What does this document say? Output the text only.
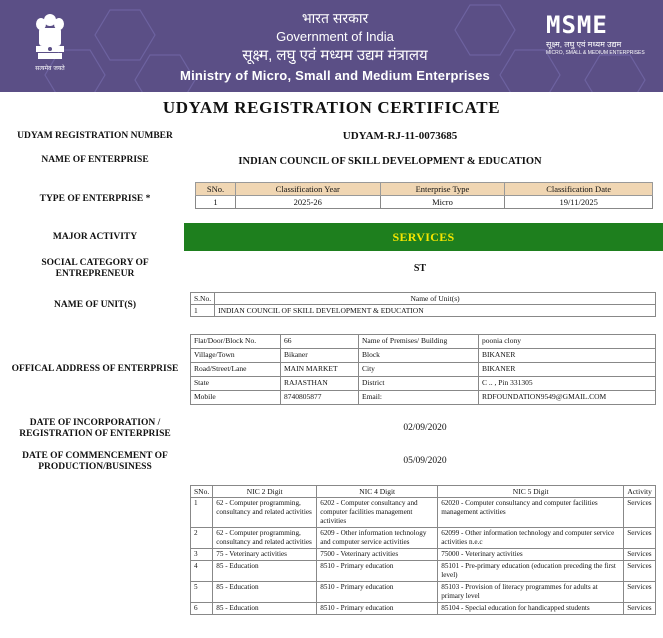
सत्यमेव जयते
भारत सरकार
Government of India
सूक्ष्म, लघु एवं मध्यम उद्यम मंत्रालय
Ministry of Micro, Small and Medium Enterprises
MSME
सूक्ष्म, लघु एवं मध्यम उद्यम
MICRO, SMALL & MEDIUM ENTERPRISES
UDYAM REGISTRATION CERTIFICATE
UDYAM REGISTRATION NUMBER	UDYAM-RJ-11-0073685
NAME OF ENTERPRISE	INDIAN COUNCIL OF SKILL DEVELOPMENT & EDUCATION
TYPE OF ENTERPRISE *
SNo.	Classification Year	Enterprise Type	Classification Date
1	2025-26	Micro	19/11/2025
MAJOR ACTIVITY	SERVICES
SOCIAL CATEGORY OF ENTREPRENEUR	ST
NAME OF UNIT(S)
S.No.	Name of Unit(s)
1	INDIAN COUNCIL OF SKILL DEVELOPMENT & EDUCATION
OFFICAL ADDRESS OF ENTERPRISE
Flat/Door/Block No.	66	Name of Premises/ Building	poonia clony
Village/Town	Bikaner	Block	BIKANER
Road/Street/Lane	MAIN MARKET	City	BIKANER
State	RAJASTHAN	District	C .. , Pin 331305
Mobile	8740805877	Email:	RDFOUNDATION9549@GMAIL.COM
DATE OF INCORPORATION / REGISTRATION OF ENTERPRISE
02/09/2020
DATE OF COMMENCEMENT OF PRODUCTION/BUSINESS
05/09/2020
SNo.	NIC 2 Digit	NIC 4 Digit	NIC 5 Digit	Activity
1	62 - Computer programming, consultancy and related activities	6202 - Computer consultancy and computer facilities management activities	62020 - Computer consultancy and computer facilities management activities	Services
2	62 - Computer programming, consultancy and related activities	6209 - Other information technology and computer service activities	62099 - Other information technology and computer service activities n.e.c	Services
3	75 - Veterinary activities	7500 - Veterinary activities	75000 - Veterinary activities	Services
4	85 - Education	8510 - Primary education	85101 - Pre-primary education (education preceding the first level)	Services
5	85 - Education	8510 - Primary education	85103 - Provision of literacy programmes for adults at primary level	Services
6	85 - Education	8510 - Primary education	85104 - Special education for handicapped students	Services
